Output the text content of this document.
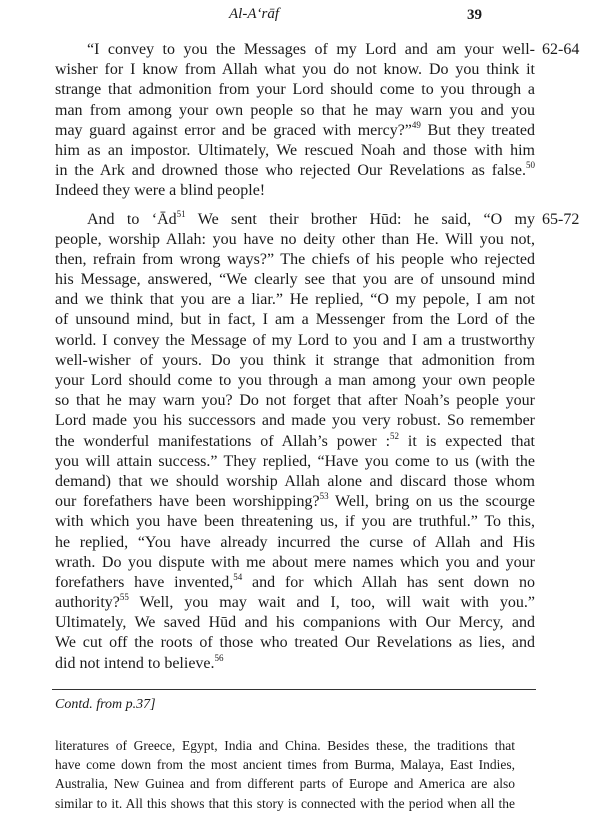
Al-A‘rāf	39
62-64
“I convey to you the Messages of my Lord and am your well-
wisher for I know from Allah what you do not know. Do you think it
strange that admonition from your Lord should come to you through a
man from among your own people so that he may warn you and you
may guard against error and be graced with mercy?”$^{49}$ But they treated
him as an impostor. Ultimately, We rescued Noah and those with him
in the Ark and drowned those who rejected Our Revelations as false.$^{50}$
Indeed they were a blind people!
65-72
And to ‘$Ād^{51}$ We sent their brother Hūd: he said, “O my
people, worship Allah: you have no deity other than He. Will you not,
then, refrain from wrong ways?” The chiefs of his people who rejected
his Message, answered, “We clearly see that you are of unsound mind
and we think that you are a liar.” He replied, “O my pepole, I am not
of unsound mind, but in fact, I am a Messenger from the Lord of the
world. I convey the Message of my Lord to you and I am a trustworthy
well-wisher of yours. Do you think it strange that admonition from
your Lord should come to you through a man among your own people
so that he may warn you? Do not forget that after Noah’s people your
Lord made you his successors and made you very robust. So remember
the wonderful manifestations of Allah’s power :$^{52}$ it is expected that
you will attain success.” They replied, “Have you come to us (with the
demand) that we should worship Allah alone and discard those whom
our forefathers have been worshipping?$^{53}$ Well, bring on us the scourge
with which you have been threatening us, if you are truthful.” To this,
he replied, “You have already incurred the curse of Allah and His
wrath. Do you dispute with me about mere names which you and your
forefathers have invented,$^{54}$ and for which Allah has sent down no
authority?$^{55}$ Well, you may wait and I, too, will wait with you.”
Ultimately, We saved Hūd and his companions with Our Mercy, and
We cut off the roots of those who treated Our Revelations as lies, and
did not intend to believe.$^{56}$
Contd. from p.37]
literatures of Greece, Egypt, India and China. Besides these, the traditions that
have come down from the most ancient times from Burma, Malaya, East Indies,
Australia, New Guinea and from different parts of Europe and America are also
similar to it. All this shows that this story is connected with the period when all the
